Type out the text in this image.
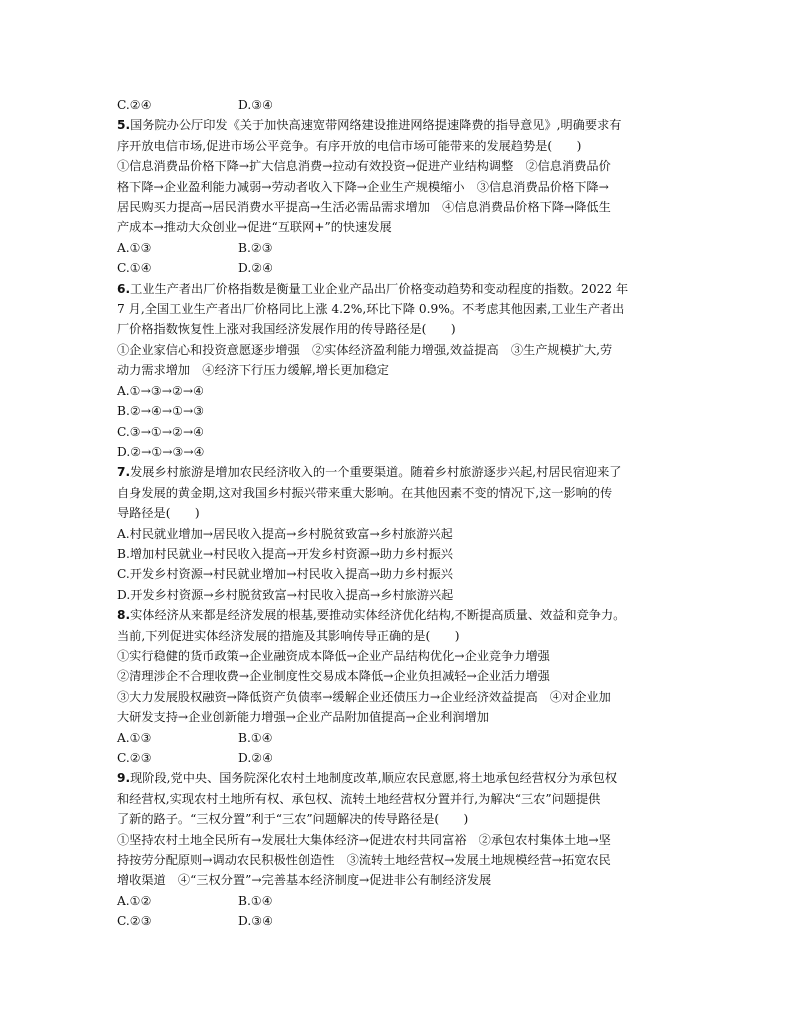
C.②④	D.③④
5.国务院办公厅印发《关于加快高速宽带网络建设推进网络提速降费的指导意见》,明确要求有
序开放电信市场,促进市场公平竞争。有序开放的电信市场可能带来的发展趋势是(　　)
①信息消费品价格下降→扩大信息消费→拉动有效投资→促进产业结构调整　②信息消费品价
格下降→企业盈利能力减弱→劳动者收入下降→企业生产规模缩小　③信息消费品价格下降→
居民购买力提高→居民消费水平提高→生活必需品需求增加　④信息消费品价格下降→降低生
产成本→推动大众创业→促进“互联网+”的快速发展
A.①③	B.②③
C.①④	D.②④
6.工业生产者出厂价格指数是衡量工业企业产品出厂价格变动趋势和变动程度的指数。2022 年
7 月,全国工业生产者出厂价格同比上涨 4.2%,环比下降 0.9%。不考虑其他因素,工业生产者出
厂价格指数恢复性上涨对我国经济发展作用的传导路径是(　　)
①企业家信心和投资意愿逐步增强　②实体经济盈利能力增强,效益提高　③生产规模扩大,劳
动力需求增加　④经济下行压力缓解,增长更加稳定
A.①→③→②→④
B.②→④→①→③
C.③→①→②→④
D.②→①→③→④
7.发展乡村旅游是增加农民经济收入的一个重要渠道。随着乡村旅游逐步兴起,村居民宿迎来了
自身发展的黄金期,这对我国乡村振兴带来重大影响。在其他因素不变的情况下,这一影响的传
导路径是(　　)
A.村民就业增加→居民收入提高→乡村脱贫致富→乡村旅游兴起
B.增加村民就业→村民收入提高→开发乡村资源→助力乡村振兴
C.开发乡村资源→村民就业增加→村民收入提高→助力乡村振兴
D.开发乡村资源→乡村脱贫致富→村民收入提高→乡村旅游兴起
8.实体经济从来都是经济发展的根基,要推动实体经济优化结构,不断提高质量、效益和竞争力。
当前,下列促进实体经济发展的措施及其影响传导正确的是(　　)
①实行稳健的货币政策→企业融资成本降低→企业产品结构优化→企业竞争力增强
②清理涉企不合理收费→企业制度性交易成本降低→企业负担减轻→企业活力增强
③大力发展股权融资→降低资产负债率→缓解企业还债压力→企业经济效益提高　④对企业加
大研发支持→企业创新能力增强→企业产品附加值提高→企业利润增加
A.①③	B.①④
C.②③	D.②④
9.现阶段,党中央、国务院深化农村土地制度改革,顺应农民意愿,将土地承包经营权分为承包权
和经营权,实现农村土地所有权、承包权、流转土地经营权分置并行,为解决“三农”问题提供
了新的路子。“三权分置”利于“三农”问题解决的传导路径是(　　)
①坚持农村土地全民所有→发展壮大集体经济→促进农村共同富裕　②承包农村集体土地→坚
持按劳分配原则→调动农民积极性创造性　③流转土地经营权→发展土地规模经营→拓宽农民
增收渠道　④“三权分置”→完善基本经济制度→促进非公有制经济发展
A.①②	B.①④
C.②③	D.③④
